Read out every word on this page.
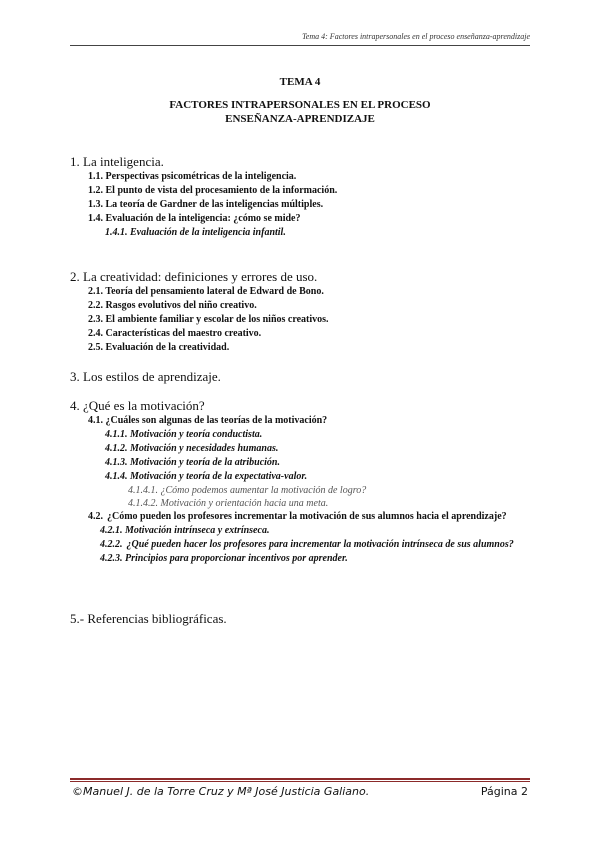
Tema 4: Factores intrapersonales en el proceso enseñanza-aprendizaje
TEMA 4
FACTORES INTRAPERSONALES EN EL PROCESO
ENSEÑANZA-APRENDIZAJE
1. La inteligencia.
1.1. Perspectivas psicométricas de la inteligencia.
1.2. El punto de vista del procesamiento de la información.
1.3. La teoría de Gardner de las inteligencias múltiples.
1.4. Evaluación de la inteligencia: ¿cómo se mide?
1.4.1. Evaluación de la inteligencia infantil.
2. La creatividad: definiciones y errores de uso.
2.1. Teoría del pensamiento lateral de Edward de Bono.
2.2. Rasgos evolutivos del niño creativo.
2.3. El ambiente familiar y escolar de los niños creativos.
2.4. Características del maestro creativo.
2.5. Evaluación de la creatividad.
3. Los estilos de aprendizaje.
4. ¿Qué es la motivación?
4.1. ¿Cuáles son algunas de las teorías de la motivación?
4.1.1. Motivación y teoría conductista.
4.1.2. Motivación y necesidades humanas.
4.1.3. Motivación y teoría de la atribución.
4.1.4. Motivación y teoría de la expectativa-valor.
4.1.4.1. ¿Cómo podemos aumentar la motivación de logro?
4.1.4.2. Motivación y orientación hacia una meta.
4.2. ¿Cómo pueden los profesores incrementar la motivación de sus alumnos hacia el aprendizaje?
4.2.1. Motivación intrínseca y extrínseca.
4.2.2. ¿Qué pueden hacer los profesores para incrementar la motivación intrínseca de sus alumnos?
4.2.3. Principios para proporcionar incentivos por aprender.
5.- Referencias bibliográficas.
©Manuel J. de la Torre Cruz y Mª José Justicia Galiano.	Página 2
